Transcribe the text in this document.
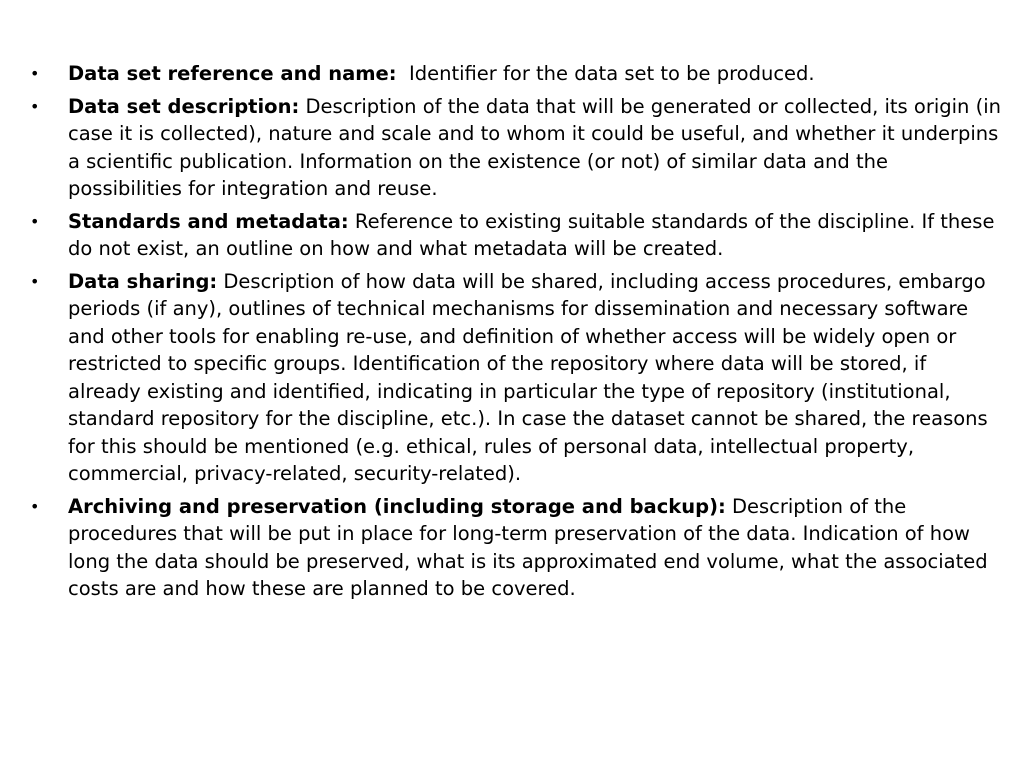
• Data set reference and name:  Identifier for the data set to be produced.
• Data set description: Description of the data that will be generated or collected, its origin (in case it is collected), nature and scale and to whom it could be useful, and whether it underpins a scientific publication. Information on the existence (or not) of similar data and the possibilities for integration and reuse.
• Standards and metadata: Reference to existing suitable standards of the discipline. If these do not exist, an outline on how and what metadata will be created.
• Data sharing: Description of how data will be shared, including access procedures, embargo periods (if any), outlines of technical mechanisms for dissemination and necessary software and other tools for enabling re-use, and definition of whether access will be widely open or restricted to specific groups. Identification of the repository where data will be stored, if already existing and identified, indicating in particular the type of repository (institutional, standard repository for the discipline, etc.). In case the dataset cannot be shared, the reasons for this should be mentioned (e.g. ethical, rules of personal data, intellectual property, commercial, privacy-related, security-related).
• Archiving and preservation (including storage and backup): Description of the procedures that will be put in place for long-term preservation of the data. Indication of how long the data should be preserved, what is its approximated end volume, what the associated costs are and how these are planned to be covered.
